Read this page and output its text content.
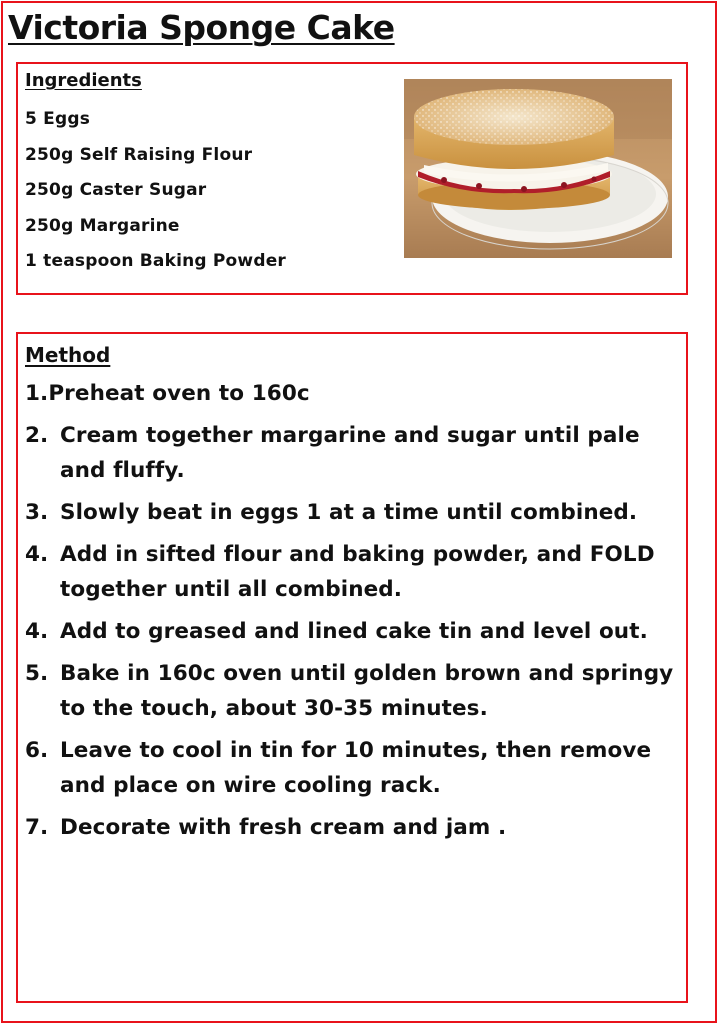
Victoria Sponge Cake
Ingredients
5 Eggs
250g Self Raising Flour
250g Caster Sugar
250g Margarine
1 teaspoon Baking Powder
Method
1.Preheat oven to 160c
2. Cream together margarine and sugar until pale and fluffy.
3. Slowly beat in eggs 1 at a time until combined.
4. Add in sifted flour and baking powder, and FOLD together until all combined.
4. Add to greased and lined cake tin and level out.
5. Bake in 160c oven until golden brown and springy to the touch, about 30-35 minutes.
6. Leave to cool in tin for 10 minutes, then remove and place on wire cooling rack.
7. Decorate with fresh cream and jam .
